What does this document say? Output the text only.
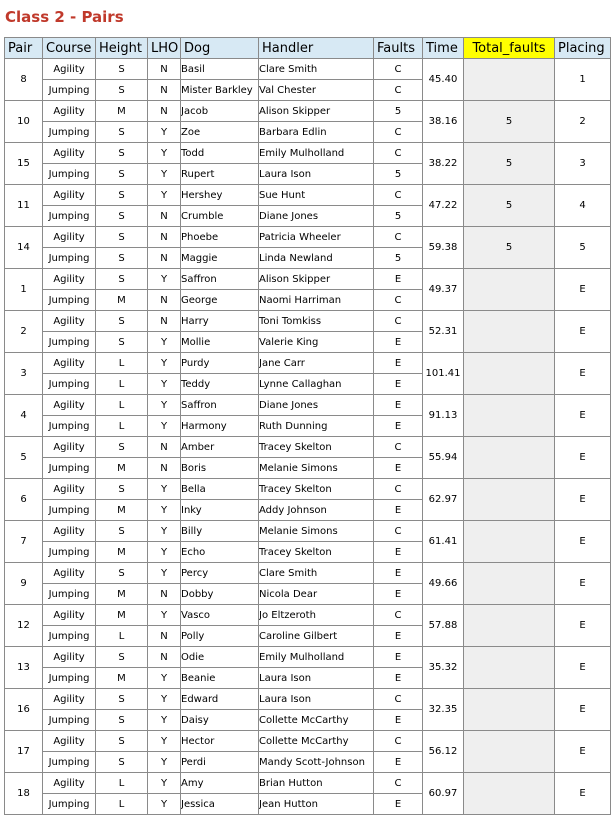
Class 2 - Pairs
Pair	Course	Height	LHO	Dog	Handler	Faults	Time	Total_faults	Placing
8	Agility	S	N	Basil	Clare Smith	C	45.40		1
	Jumping	S	N	Mister Barkley	Val Chester	C			
10	Agility	M	N	Jacob	Alison Skipper	5	38.16	5	2
	Jumping	S	Y	Zoe	Barbara Edlin	C			
15	Agility	S	Y	Todd	Emily Mulholland	C	38.22	5	3
	Jumping	S	Y	Rupert	Laura Ison	5			
11	Agility	S	Y	Hershey	Sue Hunt	C	47.22	5	4
	Jumping	S	N	Crumble	Diane Jones	5			
14	Agility	S	N	Phoebe	Patricia Wheeler	C	59.38	5	5
	Jumping	S	N	Maggie	Linda Newland	5			
1	Agility	S	Y	Saffron	Alison Skipper	E	49.37		E
	Jumping	M	N	George	Naomi Harriman	C			
2	Agility	S	N	Harry	Toni Tomkiss	C	52.31		E
	Jumping	S	Y	Mollie	Valerie King	E			
3	Agility	L	Y	Purdy	Jane Carr	E	101.41		E
	Jumping	L	Y	Teddy	Lynne Callaghan	E			
4	Agility	L	Y	Saffron	Diane Jones	E	91.13		E
	Jumping	L	Y	Harmony	Ruth Dunning	E			
5	Agility	S	N	Amber	Tracey Skelton	C	55.94		E
	Jumping	M	N	Boris	Melanie Simons	E			
6	Agility	S	Y	Bella	Tracey Skelton	C	62.97		E
	Jumping	M	Y	Inky	Addy Johnson	E			
7	Agility	S	Y	Billy	Melanie Simons	C	61.41		E
	Jumping	M	Y	Echo	Tracey Skelton	E			
9	Agility	S	Y	Percy	Clare Smith	E	49.66		E
	Jumping	M	N	Dobby	Nicola Dear	E			
12	Agility	M	Y	Vasco	Jo Eltzeroth	C	57.88		E
	Jumping	L	N	Polly	Caroline Gilbert	E			
13	Agility	S	N	Odie	Emily Mulholland	E	35.32		E
	Jumping	M	Y	Beanie	Laura Ison	E			
16	Agility	S	Y	Edward	Laura Ison	C	32.35		E
	Jumping	S	Y	Daisy	Collette McCarthy	E			
17	Agility	S	Y	Hector	Collette McCarthy	C	56.12		E
	Jumping	S	Y	Perdi	Mandy Scott-Johnson	E			
18	Agility	L	Y	Amy	Brian Hutton	C	60.97		E
	Jumping	L	Y	Jessica	Jean Hutton	E			
